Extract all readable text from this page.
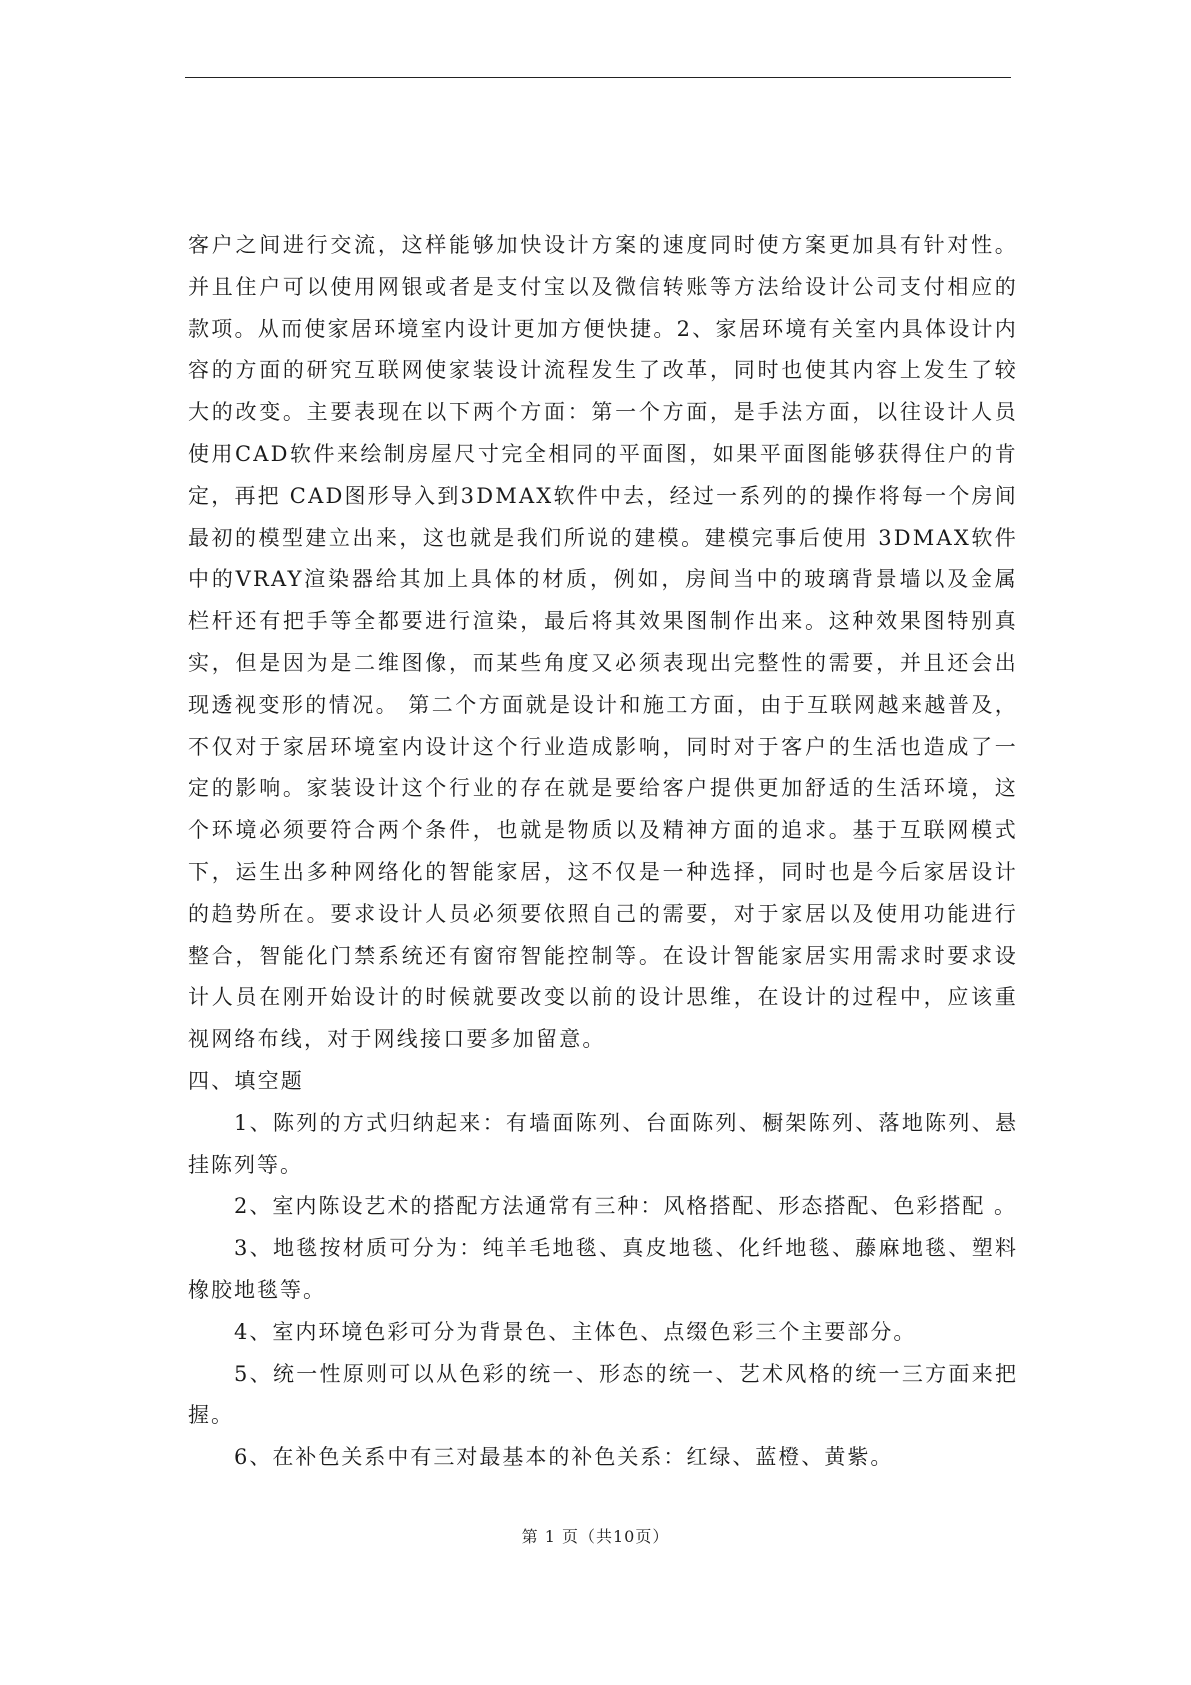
客户之间进行交流，这样能够加快设计方案的速度同时使方案更加具有针对性。并且住户可以使用网银或者是支付宝以及微信转账等方法给设计公司支付相应的款项。从而使家居环境室内设计更加方便快捷。2、家居环境有关室内具体设计内容的方面的研究互联网使家装设计流程发生了改革，同时也使其内容上发生了较大的改变。主要表现在以下两个方面：第一个方面，是手法方面，以往设计人员使用CAD软件来绘制房屋尺寸完全相同的平面图，如果平面图能够获得住户的肯定，再把 CAD图形导入到3DMAX软件中去，经过一系列的的操作将每一个房间最初的模型建立出来，这也就是我们所说的建模。建模完事后使用 3DMAX软件中的VRAY渲染器给其加上具体的材质，例如，房间当中的玻璃背景墙以及金属栏杆还有把手等全都要进行渲染，最后将其效果图制作出来。这种效果图特别真实，但是因为是二维图像，而某些角度又必须表现出完整性的需要，并且还会出现透视变形的情况。 第二个方面就是设计和施工方面，由于互联网越来越普及，不仅对于家居环境室内设计这个行业造成影响，同时对于客户的生活也造成了一定的影响。家装设计这个行业的存在就是要给客户提供更加舒适的生活环境，这个环境必须要符合两个条件，也就是物质以及精神方面的追求。基于互联网模式下，运生出多种网络化的智能家居，这不仅是一种选择，同时也是今后家居设计的趋势所在。要求设计人员必须要依照自己的需要，对于家居以及使用功能进行整合，智能化门禁系统还有窗帘智能控制等。在设计智能家居实用需求时要求设计人员在刚开始设计的时候就要改变以前的设计思维，在设计的过程中，应该重视网络布线，对于网线接口要多加留意。

四、填空题

1、陈列的方式归纳起来：有墙面陈列、台面陈列、橱架陈列、落地陈列、悬挂陈列等。

2、室内陈设艺术的搭配方法通常有三种：风格搭配、形态搭配、色彩搭配 。

3、地毯按材质可分为：纯羊毛地毯、真皮地毯、化纤地毯、藤麻地毯、塑料橡胶地毯等。

4、室内环境色彩可分为背景色、主体色、点缀色彩三个主要部分。

5、统一性原则可以从色彩的统一、形态的统一、艺术风格的统一三方面来把握。

6、在补色关系中有三对最基本的补色关系：红绿、蓝橙、黄紫。

第 1 页（共10页）
